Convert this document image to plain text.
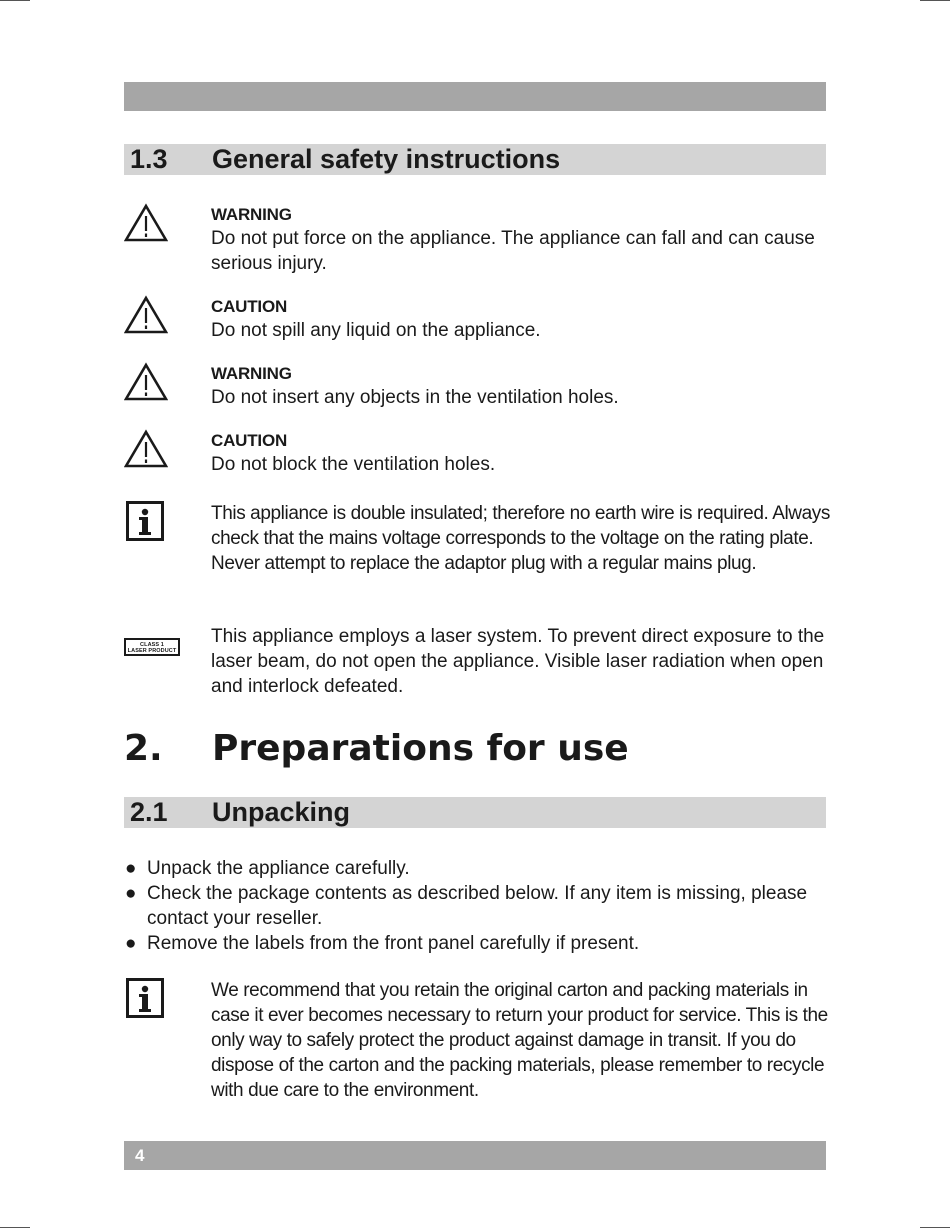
1.3 General safety instructions
WARNING
Do not put force on the appliance. The appliance can fall and can cause serious injury.
CAUTION
Do not spill any liquid on the appliance.
WARNING
Do not insert any objects in the ventilation holes.
CAUTION
Do not block the ventilation holes.
This appliance is double insulated; therefore no earth wire is required. Always check that the mains voltage corresponds to the voltage on the rating plate. Never attempt to replace the adaptor plug with a regular mains plug.
CLASS 1
LASER PRODUCT
This appliance employs a laser system. To prevent direct exposure to the laser beam, do not open the appliance. Visible laser radiation when open and interlock defeated.
2. Preparations for use
2.1 Unpacking
● Unpack the appliance carefully.
● Check the package contents as described below. If any item is missing, please contact your reseller.
● Remove the labels from the front panel carefully if present.
We recommend that you retain the original carton and packing materials in case it ever becomes necessary to return your product for service. This is the only way to safely protect the product against damage in transit. If you do dispose of the carton and the packing materials, please remember to recycle with due care to the environment.
4
